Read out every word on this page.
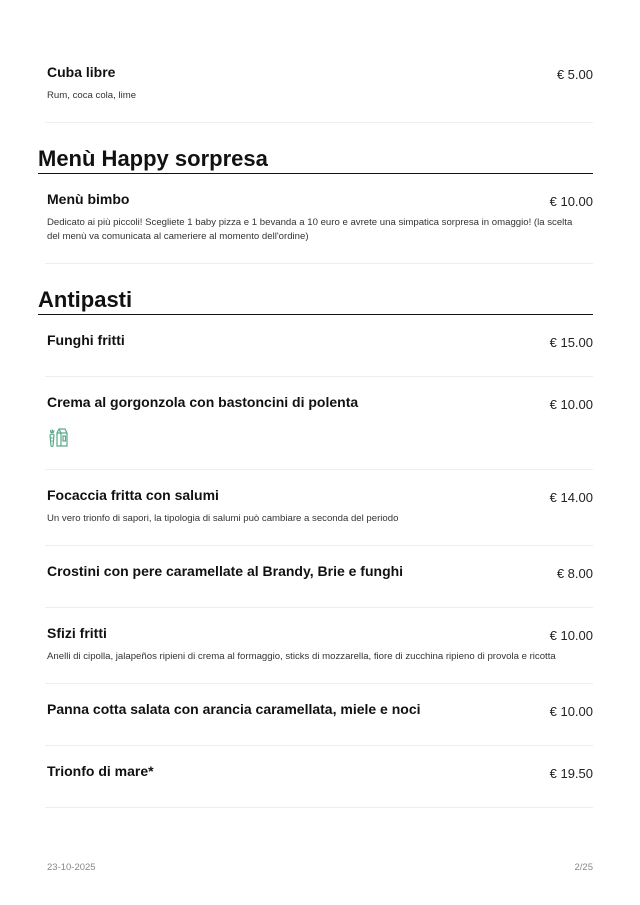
Cuba libre	€ 5.00
Rum, coca cola, lime
Menù Happy sorpresa
Menù bimbo	€ 10.00
Dedicato ai più piccoli! Scegliete 1 baby pizza e 1 bevanda a 10 euro e avrete una simpatica sorpresa in omaggio! (la scelta del menù va comunicata al cameriere al momento dell'ordine)
Antipasti
Funghi fritti	€ 15.00
Crema al gorgonzola con bastoncini di polenta	€ 10.00
Focaccia fritta con salumi	€ 14.00
Un vero trionfo di sapori, la tipologia di salumi può cambiare a seconda del periodo
Crostini con pere caramellate al Brandy, Brie e funghi	€ 8.00
Sfizi fritti	€ 10.00
Anelli di cipolla, jalapeños ripieni di crema al formaggio, sticks di mozzarella, fiore di zucchina ripieno di provola e ricotta
Panna cotta salata con arancia caramellata, miele e noci	€ 10.00
Trionfo di mare*	€ 19.50
23-10-2025	2/25
